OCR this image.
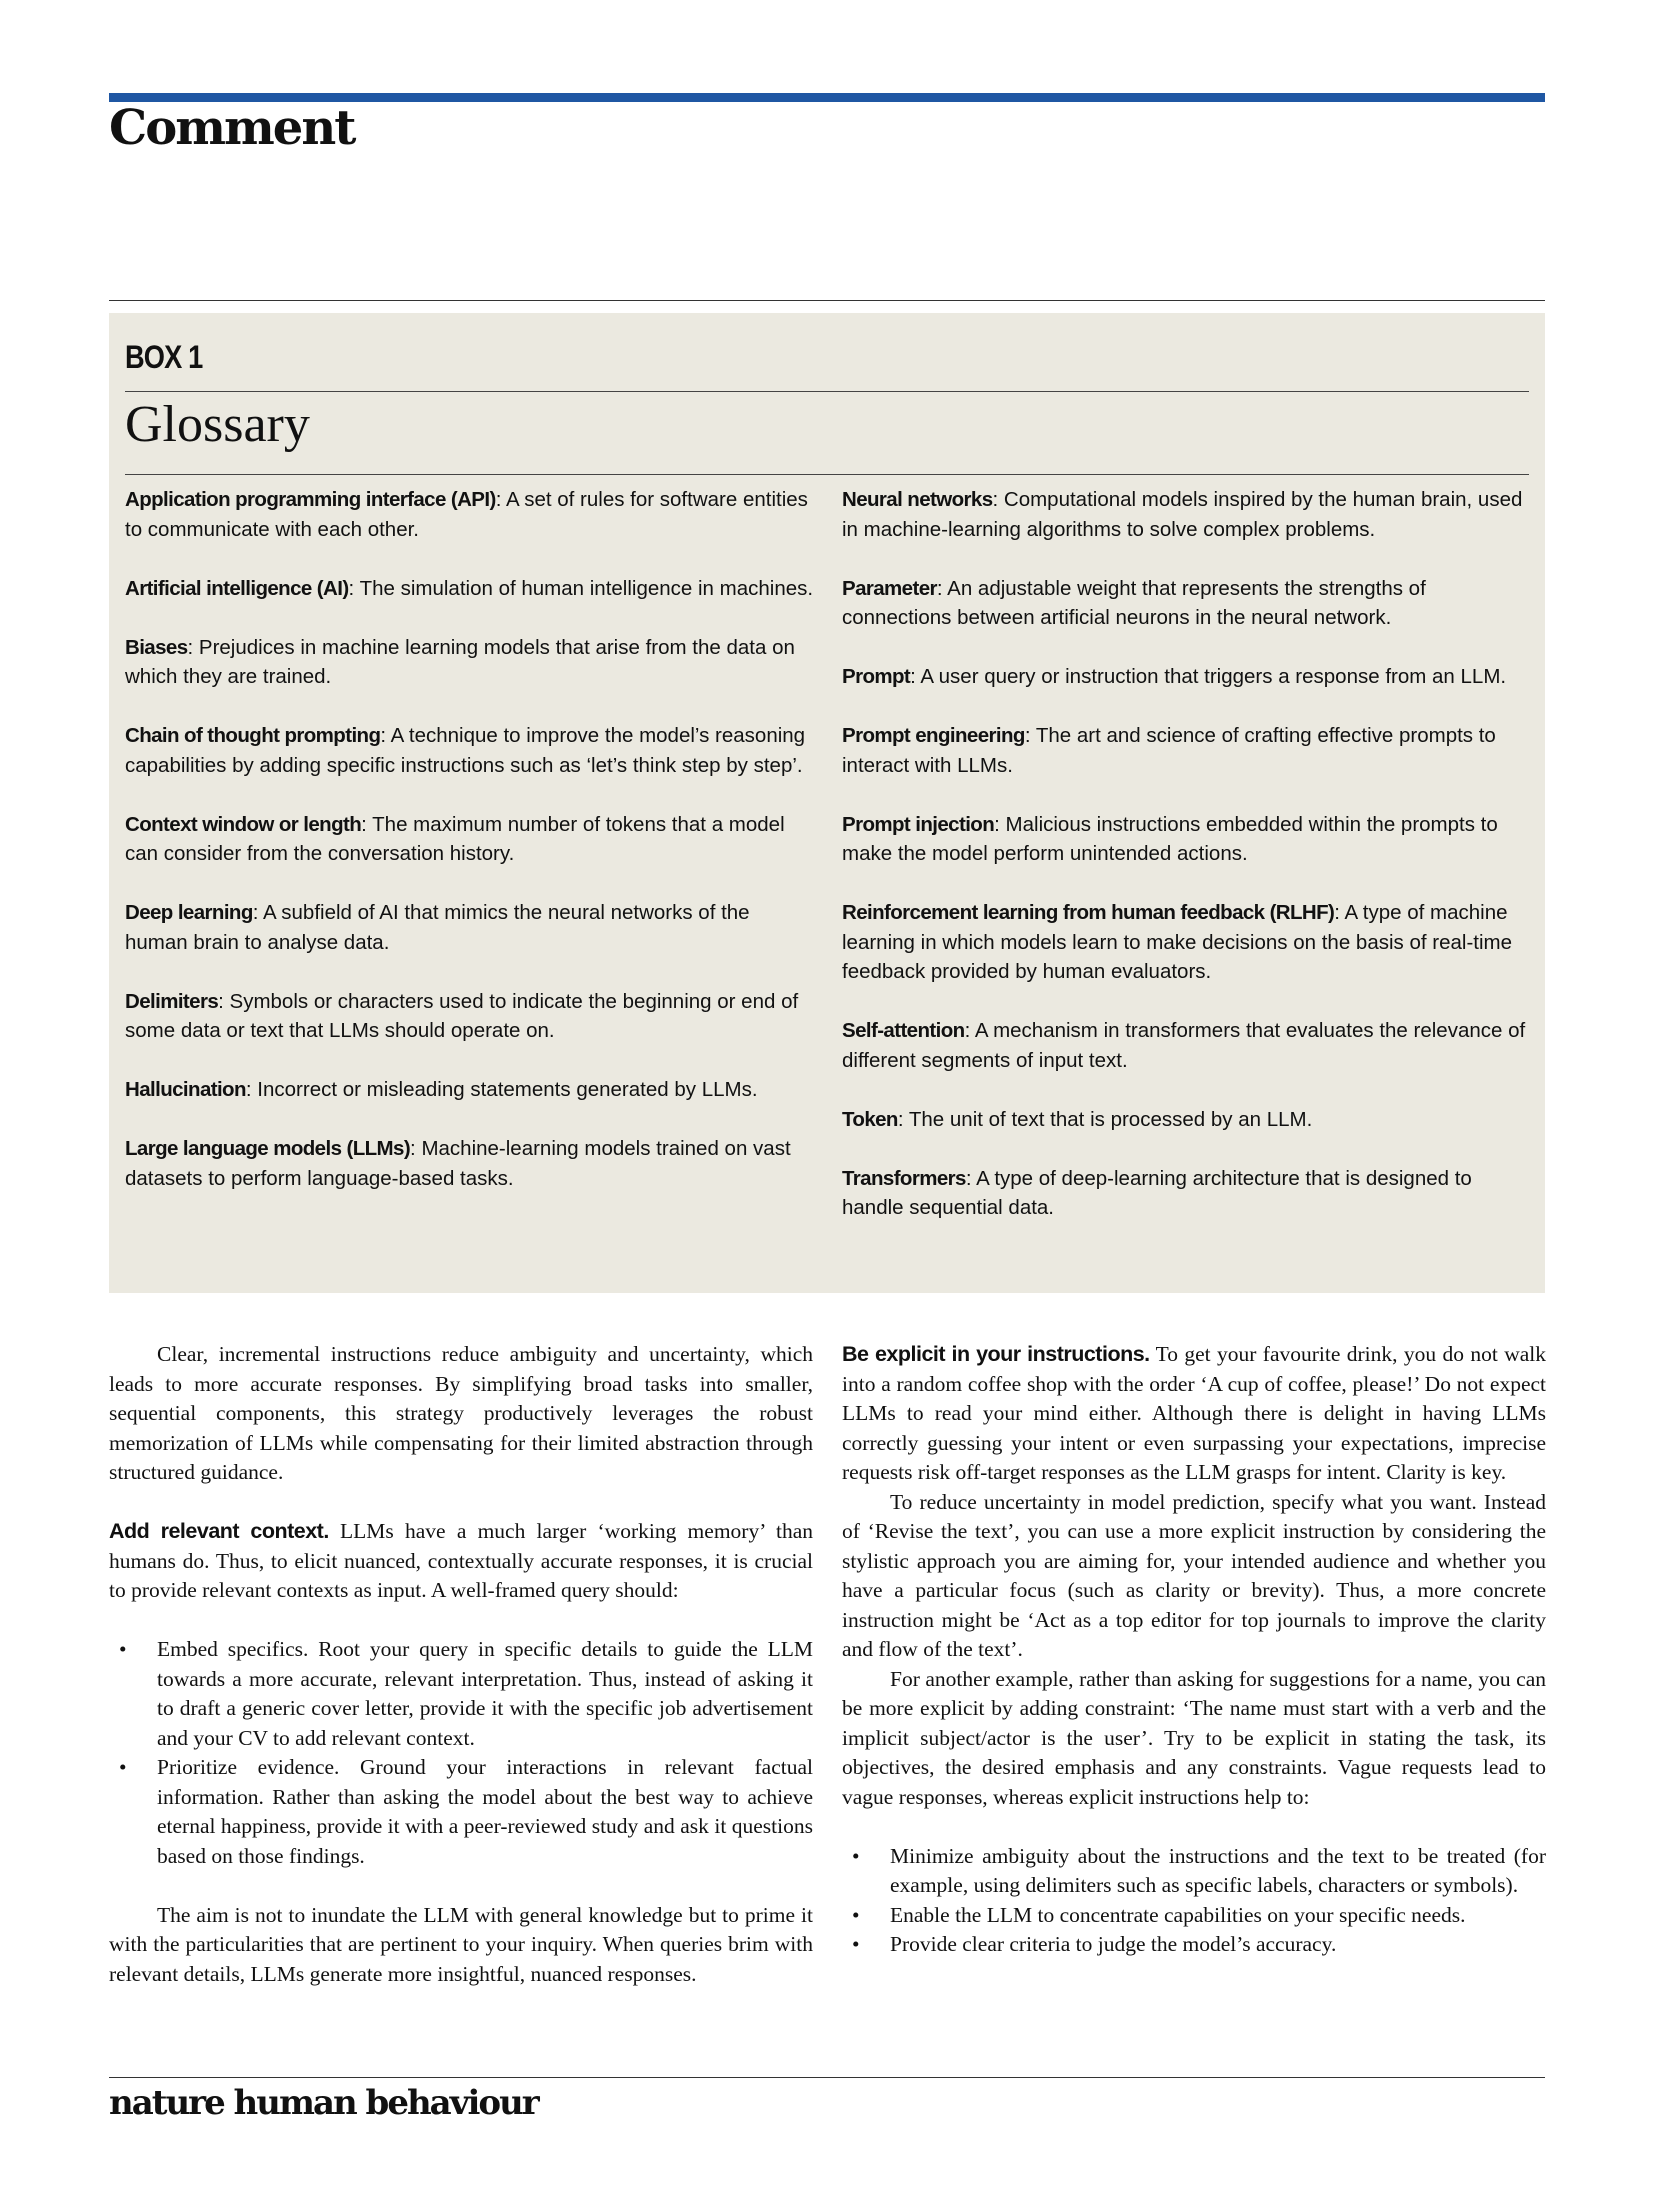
Comment
BOX 1
Glossary

Application programming interface (API): A set of rules for software entities to communicate with each other.

Artificial intelligence (AI): The simulation of human intelligence in machines.

Biases: Prejudices in machine learning models that arise from the data on which they are trained.

Chain of thought prompting: A technique to improve the model’s reasoning capabilities by adding specific instructions such as ‘let’s think step by step’.

Context window or length: The maximum number of tokens that a model can consider from the conversation history.

Deep learning: A subfield of AI that mimics the neural networks of the human brain to analyse data.

Delimiters: Symbols or characters used to indicate the beginning or end of some data or text that LLMs should operate on.

Hallucination: Incorrect or misleading statements generated by LLMs.

Large language models (LLMs): Machine-learning models trained on vast datasets to perform language-based tasks.

Neural networks: Computational models inspired by the human brain, used in machine-learning algorithms to solve complex problems.

Parameter: An adjustable weight that represents the strengths of connections between artificial neurons in the neural network.

Prompt: A user query or instruction that triggers a response from an LLM.

Prompt engineering: The art and science of crafting effective prompts to interact with LLMs.

Prompt injection: Malicious instructions embedded within the prompts to make the model perform unintended actions.

Reinforcement learning from human feedback (RLHF): A type of machine learning in which models learn to make decisions on the basis of real-time feedback provided by human evaluators.

Self-attention: A mechanism in transformers that evaluates the relevance of different segments of input text.

Token: The unit of text that is processed by an LLM.

Transformers: A type of deep-learning architecture that is designed to handle sequential data.

Clear, incremental instructions reduce ambiguity and uncertainty, which leads to more accurate responses. By simplifying broad tasks into smaller, sequential components, this strategy productively leverages the robust memorization of LLMs while compensating for their limited abstraction through structured guidance.

Add relevant context. LLMs have a much larger ‘working memory’ than humans do. Thus, to elicit nuanced, contextually accurate responses, it is crucial to provide relevant contexts as input. A well-framed query should:

• Embed specifics. Root your query in specific details to guide the LLM towards a more accurate, relevant interpretation. Thus, instead of asking it to draft a generic cover letter, provide it with the specific job advertisement and your CV to add relevant context.
• Prioritize evidence. Ground your interactions in relevant factual information. Rather than asking the model about the best way to achieve eternal happiness, provide it with a peer-reviewed study and ask it questions based on those findings.

The aim is not to inundate the LLM with general knowledge but to prime it with the particularities that are pertinent to your inquiry. When queries brim with relevant details, LLMs generate more insightful, nuanced responses.

Be explicit in your instructions. To get your favourite drink, you do not walk into a random coffee shop with the order ‘A cup of coffee, please!’ Do not expect LLMs to read your mind either. Although there is delight in having LLMs correctly guessing your intent or even surpassing your expectations, imprecise requests risk off-target responses as the LLM grasps for intent. Clarity is key.

To reduce uncertainty in model prediction, specify what you want. Instead of ‘Revise the text’, you can use a more explicit instruction by considering the stylistic approach you are aiming for, your intended audience and whether you have a particular focus (such as clarity or brevity). Thus, a more concrete instruction might be ‘Act as a top editor for top journals to improve the clarity and flow of the text’.

For another example, rather than asking for suggestions for a name, you can be more explicit by adding constraint: ‘The name must start with a verb and the implicit subject/actor is the user’. Try to be explicit in stating the task, its objectives, the desired emphasis and any constraints. Vague requests lead to vague responses, whereas explicit instructions help to:

• Minimize ambiguity about the instructions and the text to be treated (for example, using delimiters such as specific labels, characters or symbols).
• Enable the LLM to concentrate capabilities on your specific needs.
• Provide clear criteria to judge the model’s accuracy.

nature human behaviour
